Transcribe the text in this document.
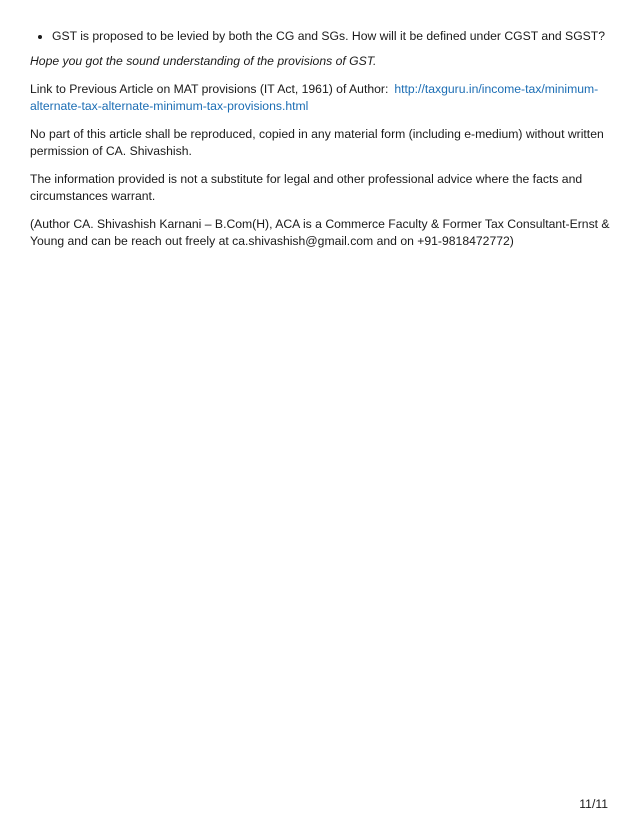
• GST is proposed to be levied by both the CG and SGs. How will it be defined under CGST and SGST?

Hope you got the sound understanding of the provisions of GST.

Link to Previous Article on MAT provisions (IT Act, 1961) of Author: http://taxguru.in/income-tax/minimum-alternate-tax-alternate-minimum-tax-provisions.html

No part of this article shall be reproduced, copied in any material form (including e-medium) without written permission of CA. Shivashish.

The information provided is not a substitute for legal and other professional advice where the facts and circumstances warrant.

(Author CA. Shivashish Karnani – B.Com(H), ACA is a Commerce Faculty & Former Tax Consultant-Ernst & Young and can be reach out freely at ca.shivashish@gmail.com and on +91-9818472772)

11/11
